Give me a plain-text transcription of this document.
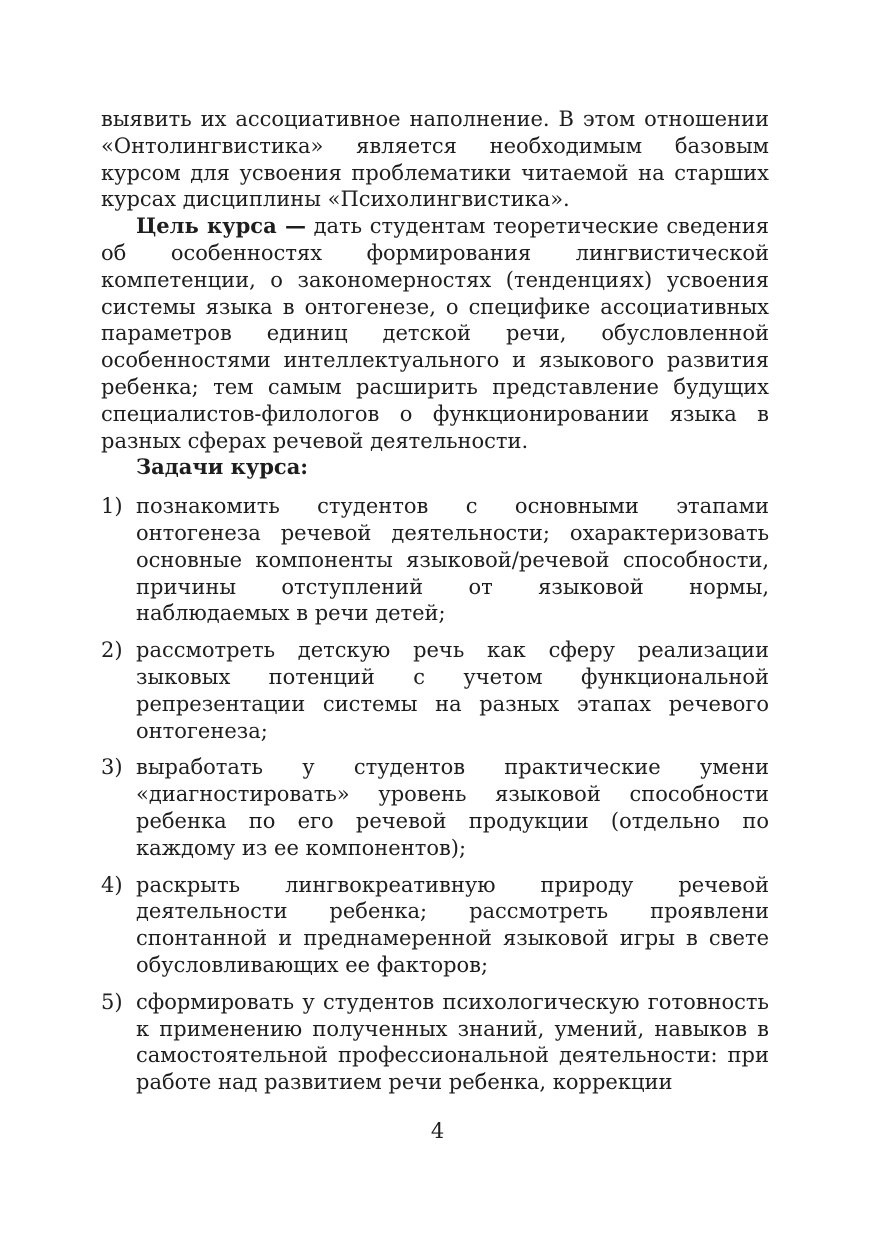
выявить их ассоциативное наполнение. В этом отношении «Онтолингвистика» является необходимым базовым курсом для усвоения проблематики читаемой на старших курсах дисциплины «Психолингвистика».

Цель курса — дать студентам теоретические сведения об особенностях формирования лингвистической компетенции, о закономерностях (тенденциях) усвоения системы языка в онтогенезе, о специфике ассоциативных параметров единиц детской речи, обусловленной особенностями интеллектуального и языкового развития ребенка; тем самым расширить представление будущих специалистов-филологов о функционировании языка в разных сферах речевой деятельности.

Задачи курса:

1) познакомить студентов с основными этапами онтогенеза речевой деятельности; охарактеризовать основные компоненты языковой/речевой способности, причины отступлений от языковой нормы, наблюдаемых в речи детей;
2) рассмотреть детскую речь как сферу реализации зыковых потенций с учетом функциональной репрезентации системы на разных этапах речевого онтогенеза;
3) выработать у студентов практические умени «диагностировать» уровень языковой способности ребенка по его речевой продукции (отдельно по каждому из ее компонентов);
4) раскрыть лингвокреативную природу речевой деятельности ребенка; рассмотреть проявлени спонтанной и преднамеренной языковой игры в свете обусловливающих ее факторов;
5) сформировать у студентов психологическую готовность к применению полученных знаний, умений, навыков в самостоятельной профессиональной деятельности: при работе над развитием речи ребенка, коррекции
4
